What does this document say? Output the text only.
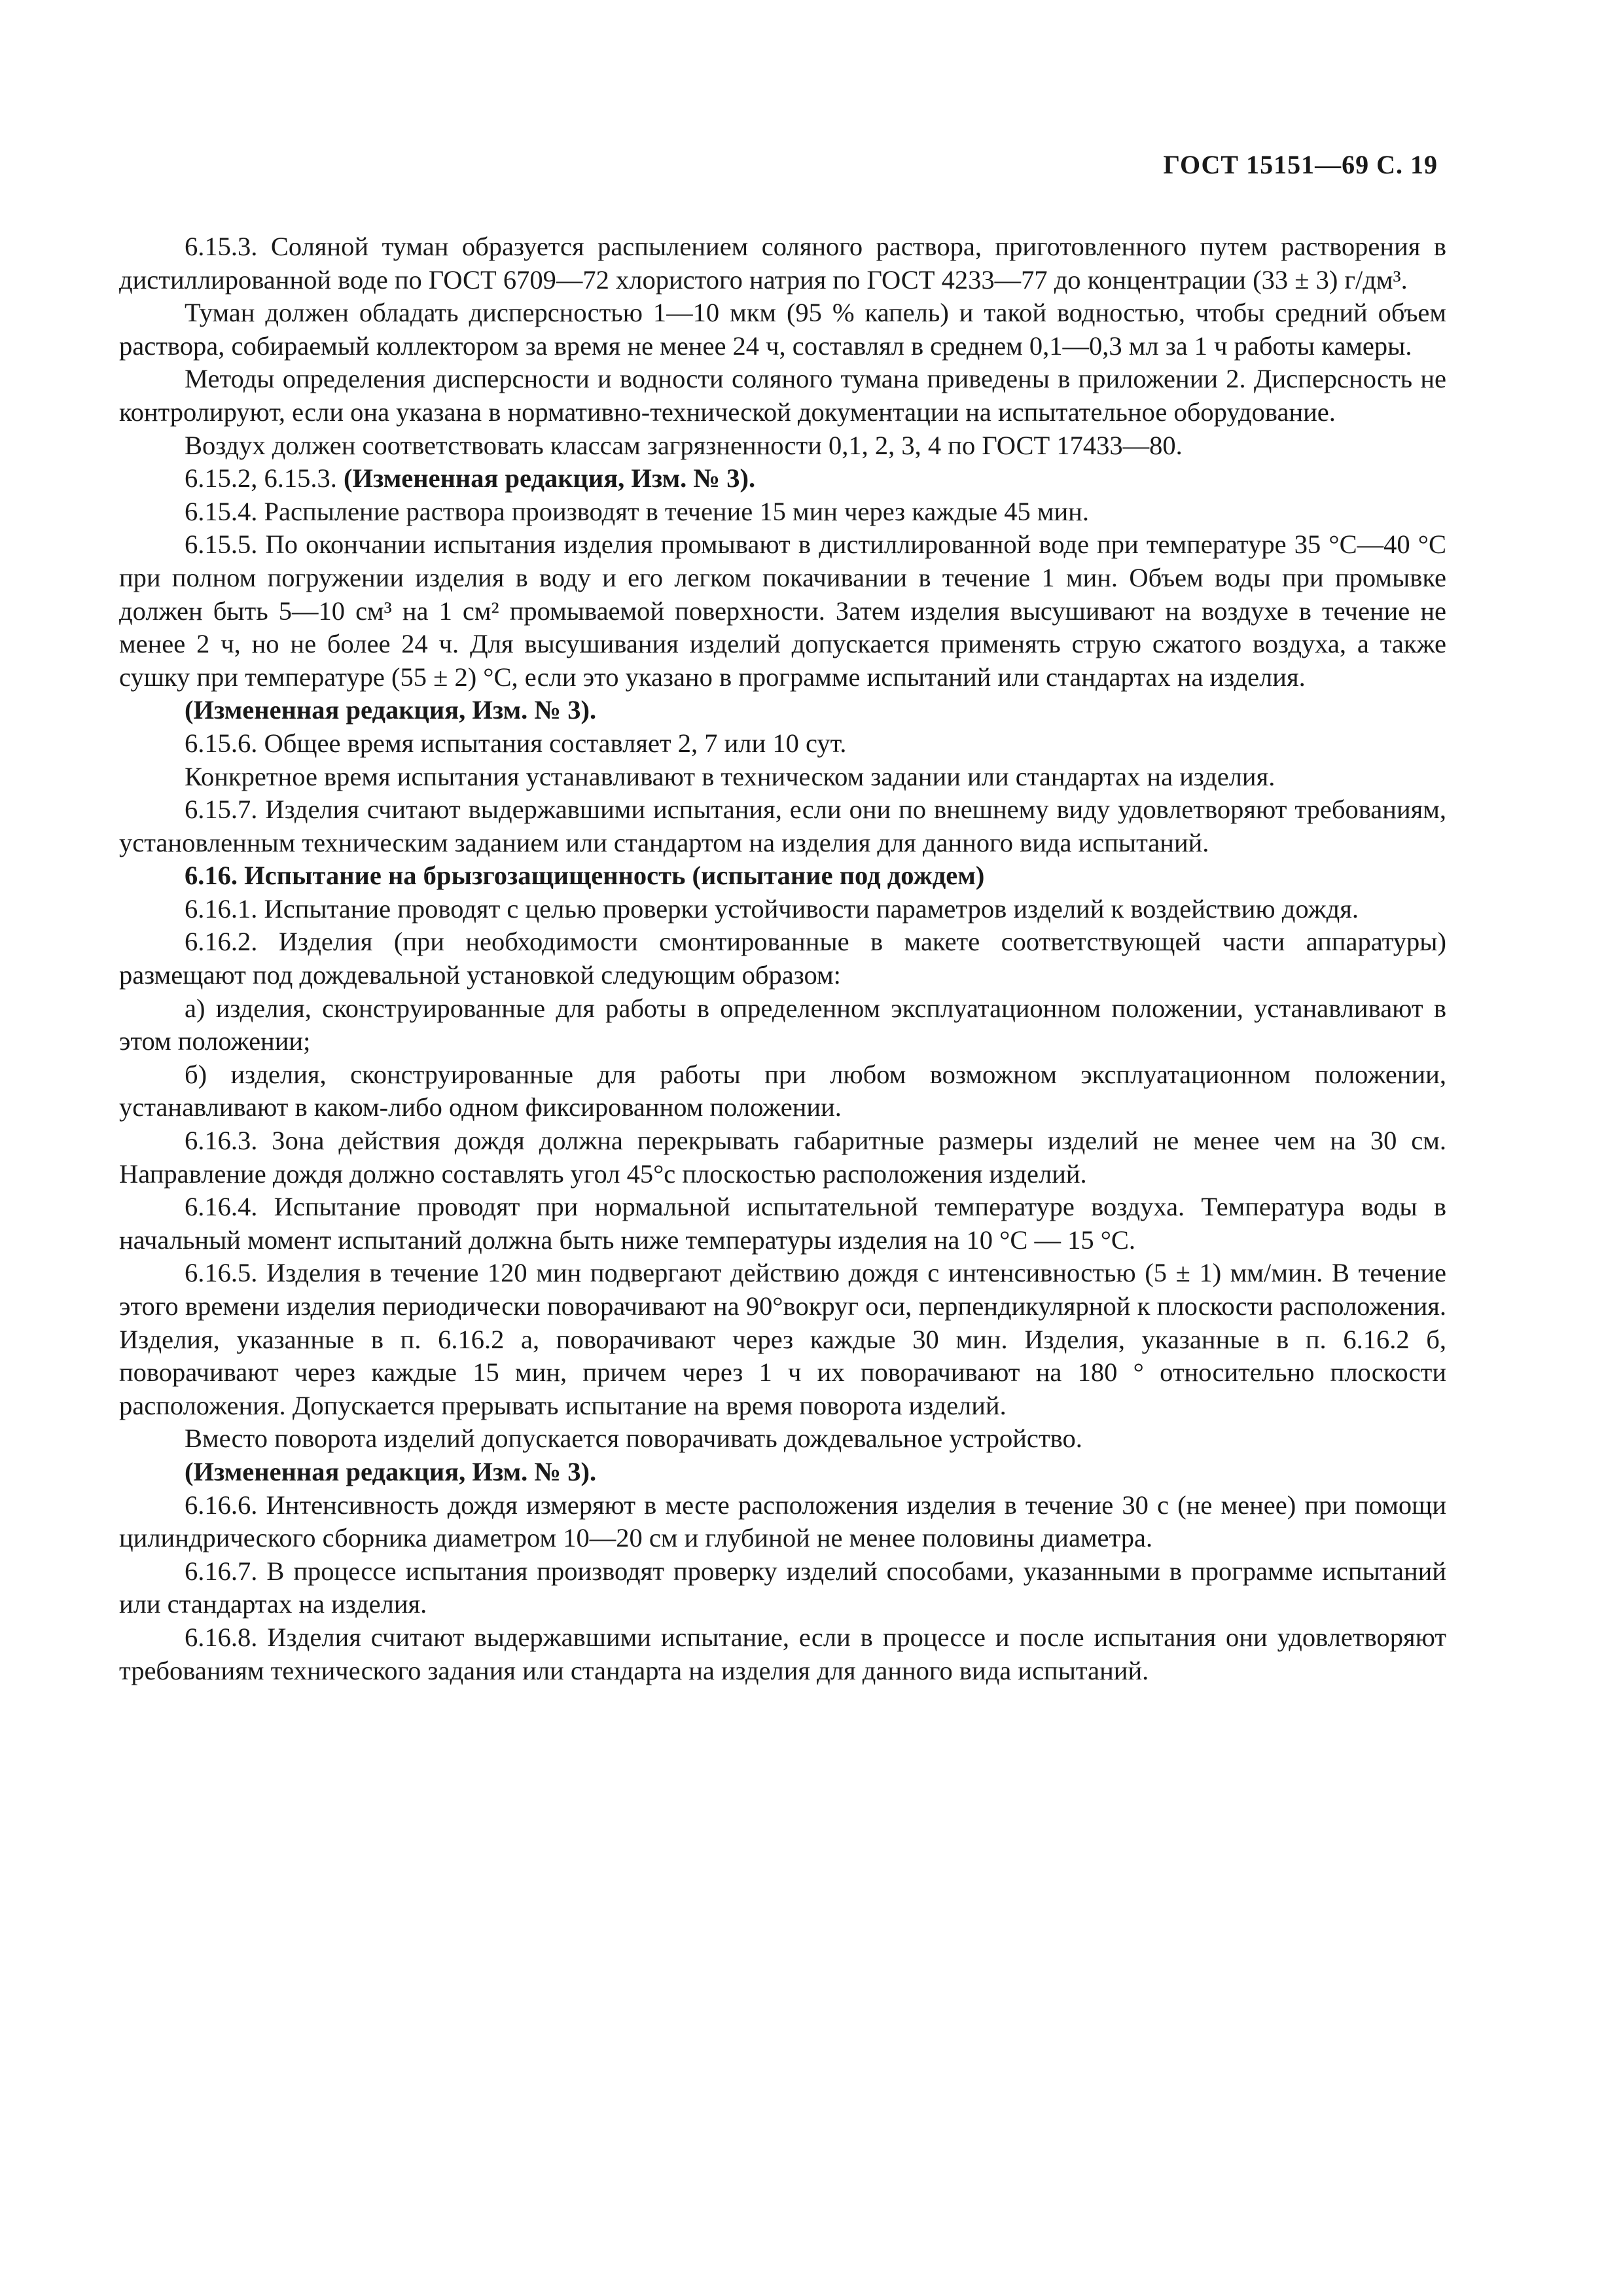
ГОСТ 15151—69 С. 19

6.15.3. Соляной туман образуется распылением соляного раствора, приготовленного путем растворения в дистиллированной воде по ГОСТ 6709—72 хлористого натрия по ГОСТ 4233—77 до концентрации (33 ± 3) г/дм³.

Туман должен обладать дисперсностью 1—10 мкм (95 % капель) и такой водностью, чтобы средний объем раствора, собираемый коллектором за время не менее 24 ч, составлял в среднем 0,1—0,3 мл за 1 ч работы камеры.

Методы определения дисперсности и водности соляного тумана приведены в приложении 2. Дисперсность не контролируют, если она указана в нормативно-технической документации на испытательное оборудование.

Воздух должен соответствовать классам загрязненности 0,1, 2, 3, 4 по ГОСТ 17433—80.

6.15.2, 6.15.3. (Измененная редакция, Изм. № 3).

6.15.4. Распыление раствора производят в течение 15 мин через каждые 45 мин.

6.15.5. По окончании испытания изделия промывают в дистиллированной воде при температуре 35 °С—40 °С при полном погружении изделия в воду и его легком покачивании в течение 1 мин. Объем воды при промывке должен быть 5—10 см³ на 1 см² промываемой поверхности. Затем изделия высушивают на воздухе в течение не менее 2 ч, но не более 24 ч. Для высушивания изделий допускается применять струю сжатого воздуха, а также сушку при температуре (55 ± 2) °С, если это указано в программе испытаний или стандартах на изделия.

(Измененная редакция, Изм. № 3).

6.15.6. Общее время испытания составляет 2, 7 или 10 сут.

Конкретное время испытания устанавливают в техническом задании или стандартах на изделия.

6.15.7. Изделия считают выдержавшими испытания, если они по внешнему виду удовлетворяют требованиям, установленным техническим заданием или стандартом на изделия для данного вида испытаний.

6.16. Испытание на брызгозащищенность (испытание под дождем)

6.16.1. Испытание проводят с целью проверки устойчивости параметров изделий к воздействию дождя.

6.16.2. Изделия (при необходимости смонтированные в макете соответствующей части аппаратуры) размещают под дождевальной установкой следующим образом:

а) изделия, сконструированные для работы в определенном эксплуатационном положении, устанавливают в этом положении;

б) изделия, сконструированные для работы при любом возможном эксплуатационном положении, устанавливают в каком-либо одном фиксированном положении.

6.16.3. Зона действия дождя должна перекрывать габаритные размеры изделий не менее чем на 30 см. Направление дождя должно составлять угол 45°с плоскостью расположения изделий.

6.16.4. Испытание проводят при нормальной испытательной температуре воздуха. Температура воды в начальный момент испытаний должна быть ниже температуры изделия на 10 °С — 15 °С.

6.16.5. Изделия в течение 120 мин подвергают действию дождя с интенсивностью (5 ± 1) мм/мин. В течение этого времени изделия периодически поворачивают на 90°вокруг оси, перпендикулярной к плоскости расположения. Изделия, указанные в п. 6.16.2 а, поворачивают через каждые 30 мин. Изделия, указанные в п. 6.16.2 б, поворачивают через каждые 15 мин, причем через 1 ч их поворачивают на 180 ° относительно плоскости расположения. Допускается прерывать испытание на время поворота изделий.

Вместо поворота изделий допускается поворачивать дождевальное устройство.

(Измененная редакция, Изм. № 3).

6.16.6. Интенсивность дождя измеряют в месте расположения изделия в течение 30 с (не менее) при помощи цилиндрического сборника диаметром 10—20 см и глубиной не менее половины диаметра.

6.16.7. В процессе испытания производят проверку изделий способами, указанными в программе испытаний или стандартах на изделия.

6.16.8. Изделия считают выдержавшими испытание, если в процессе и после испытания они удовлетворяют требованиям технического задания или стандарта на изделия для данного вида испытаний.
